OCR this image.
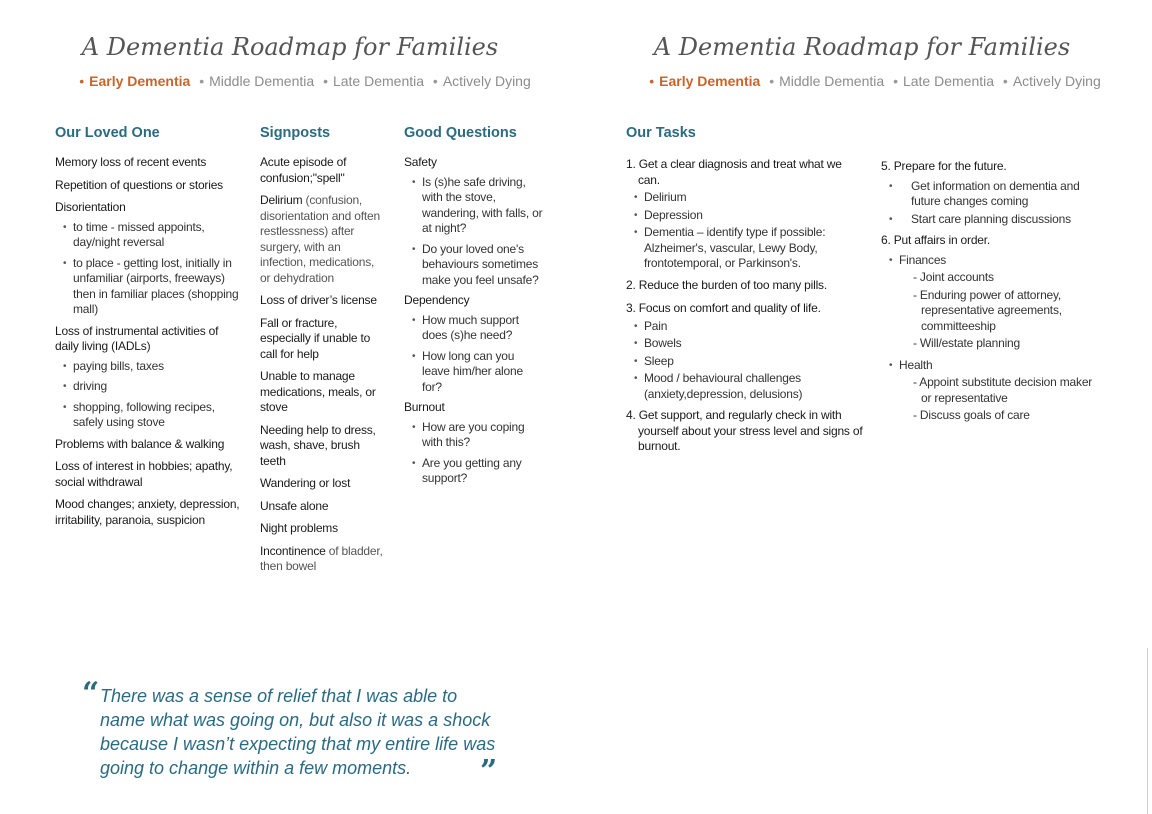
A Dementia Roadmap for Families
• Early Dementia • Middle Dementia • Late Dementia • Actively Dying
Our Loved One
Memory loss of recent events
Repetition of questions or stories
Disorientation
• to time - missed appoints, day/night reversal
• to place - getting lost, initially in unfamiliar (airports, freeways) then in familiar places (shopping mall)
Loss of instrumental activities of daily living (IADLs)
• paying bills, taxes
• driving
• shopping, following recipes, safely using stove
Problems with balance & walking
Loss of interest in hobbies; apathy, social withdrawal
Mood changes; anxiety, depression, irritability, paranoia, suspicion
Signposts
Acute episode of confusion;"spell"
Delirium (confusion, disorientation and often restlessness) after surgery, with an infection, medications, or dehydration
Loss of driver’s license
Fall or fracture, especially if unable to call for help
Unable to manage medications, meals, or stove
Needing help to dress, wash, shave, brush teeth
Wandering or lost
Unsafe alone
Night problems
Incontinence of bladder, then bowel
Good Questions
Safety
• Is (s)he safe driving, with the stove, wandering, with falls, or at night?
• Do your loved one's behaviours sometimes make you feel unsafe?
Dependency
• How much support does (s)he need?
• How long can you leave him/her alone for?
Burnout
• How are you coping with this?
• Are you getting any support?
“ There was a sense of relief that I was able to name what was going on, but also it was a shock because I wasn’t expecting that my entire life was going to change within a few moments.	”
A Dementia Roadmap for Families
• Early Dementia • Middle Dementia • Late Dementia • Actively Dying
Our Tasks
1. Get a clear diagnosis and treat what we can.
• Delirium
• Depression
• Dementia – identify type if possible: Alzheimer's, vascular, Lewy Body, frontotemporal, or Parkinson's.
2. Reduce the burden of too many pills.
3. Focus on comfort and quality of life.
• Pain
• Bowels
• Sleep
• Mood / behavioural challenges (anxiety,depression, delusions)
4. Get support, and regularly check in with yourself about your stress level and signs of burnout.
5. Prepare for the future.
• Get information on dementia and future changes coming
• Start care planning discussions
6. Put affairs in order.
• Finances
- Joint accounts
- Enduring power of attorney, representative agreements, committeeship
- Will/estate planning
• Health
- Appoint substitute decision maker or representative
- Discuss goals of care
